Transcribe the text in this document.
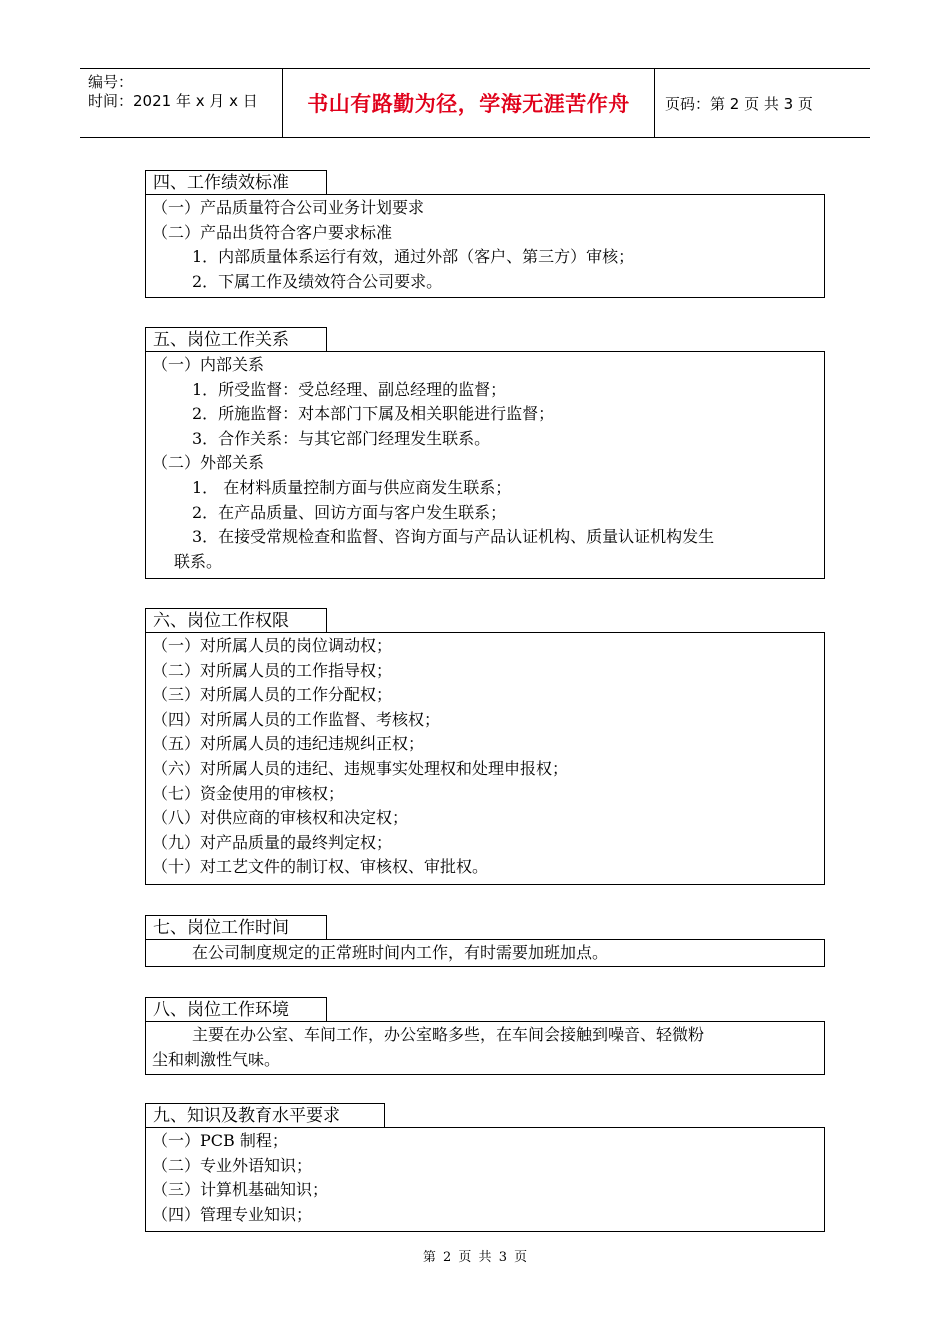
编号：
时间：2021 年 x 月 x 日	书山有路勤为径，学海无涯苦作舟	页码：第 2 页 共 3 页
四、工作绩效标准
（一）产品质量符合公司业务计划要求
（二）产品出货符合客户要求标准
1．内部质量体系运行有效，通过外部（客户、第三方）审核；
2．下属工作及绩效符合公司要求。
五、岗位工作关系
（一）内部关系
1．所受监督：受总经理、副总经理的监督；
2．所施监督：对本部门下属及相关职能进行监督；
3．合作关系：与其它部门经理发生联系。
（二）外部关系
1． 在材料质量控制方面与供应商发生联系；
2．在产品质量、回访方面与客户发生联系；
3．在接受常规检查和监督、咨询方面与产品认证机构、质量认证机构发生
联系。
六、岗位工作权限
（一）对所属人员的岗位调动权；
（二）对所属人员的工作指导权；
（三）对所属人员的工作分配权；
（四）对所属人员的工作监督、考核权；
（五）对所属人员的违纪违规纠正权；
（六）对所属人员的违纪、违规事实处理权和处理申报权；
（七）资金使用的审核权；
（八）对供应商的审核权和决定权；
（九）对产品质量的最终判定权；
（十）对工艺文件的制订权、审核权、审批权。
七、岗位工作时间
在公司制度规定的正常班时间内工作，有时需要加班加点。
八、岗位工作环境
主要在办公室、车间工作，办公室略多些，在车间会接触到噪音、轻微粉
尘和刺激性气味。
九、知识及教育水平要求
（一）PCB 制程；
（二）专业外语知识；
（三）计算机基础知识；
（四）管理专业知识；
第 2 页 共 3 页
